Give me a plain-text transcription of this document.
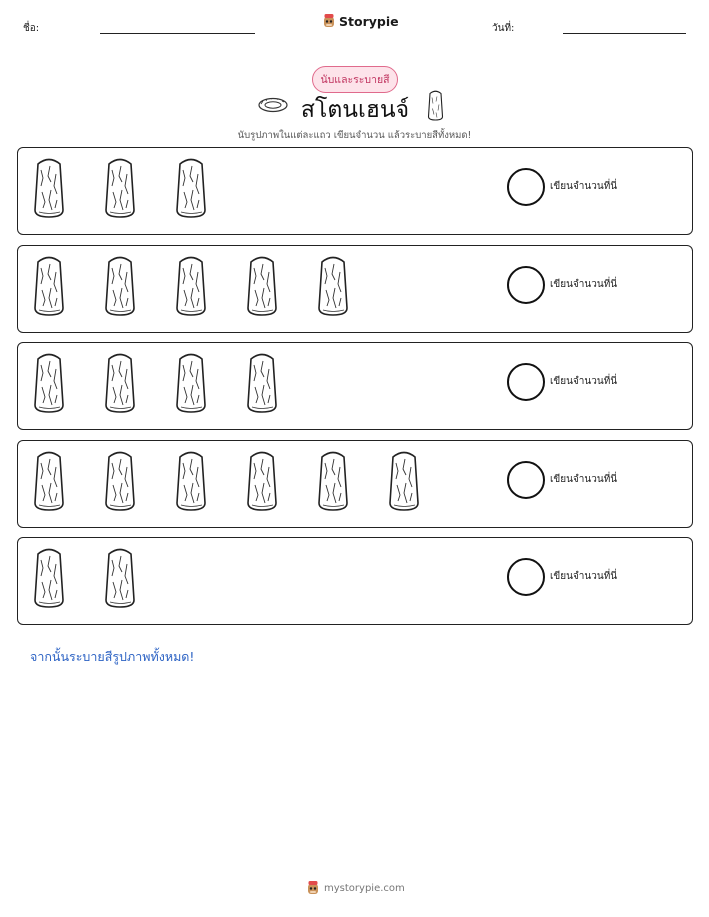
ชื่อ:	Storypie	วันที่:
นับและระบายสี
สโตนเฮนจ์
นับรูปภาพในแต่ละแถว เขียนจำนวน แล้วระบายสีทั้งหมด!
เขียนจำนวนที่นี่
เขียนจำนวนที่นี่
เขียนจำนวนที่นี่
เขียนจำนวนที่นี่
เขียนจำนวนที่นี่
จากนั้นระบายสีรูปภาพทั้งหมด!
mystorypie.com
